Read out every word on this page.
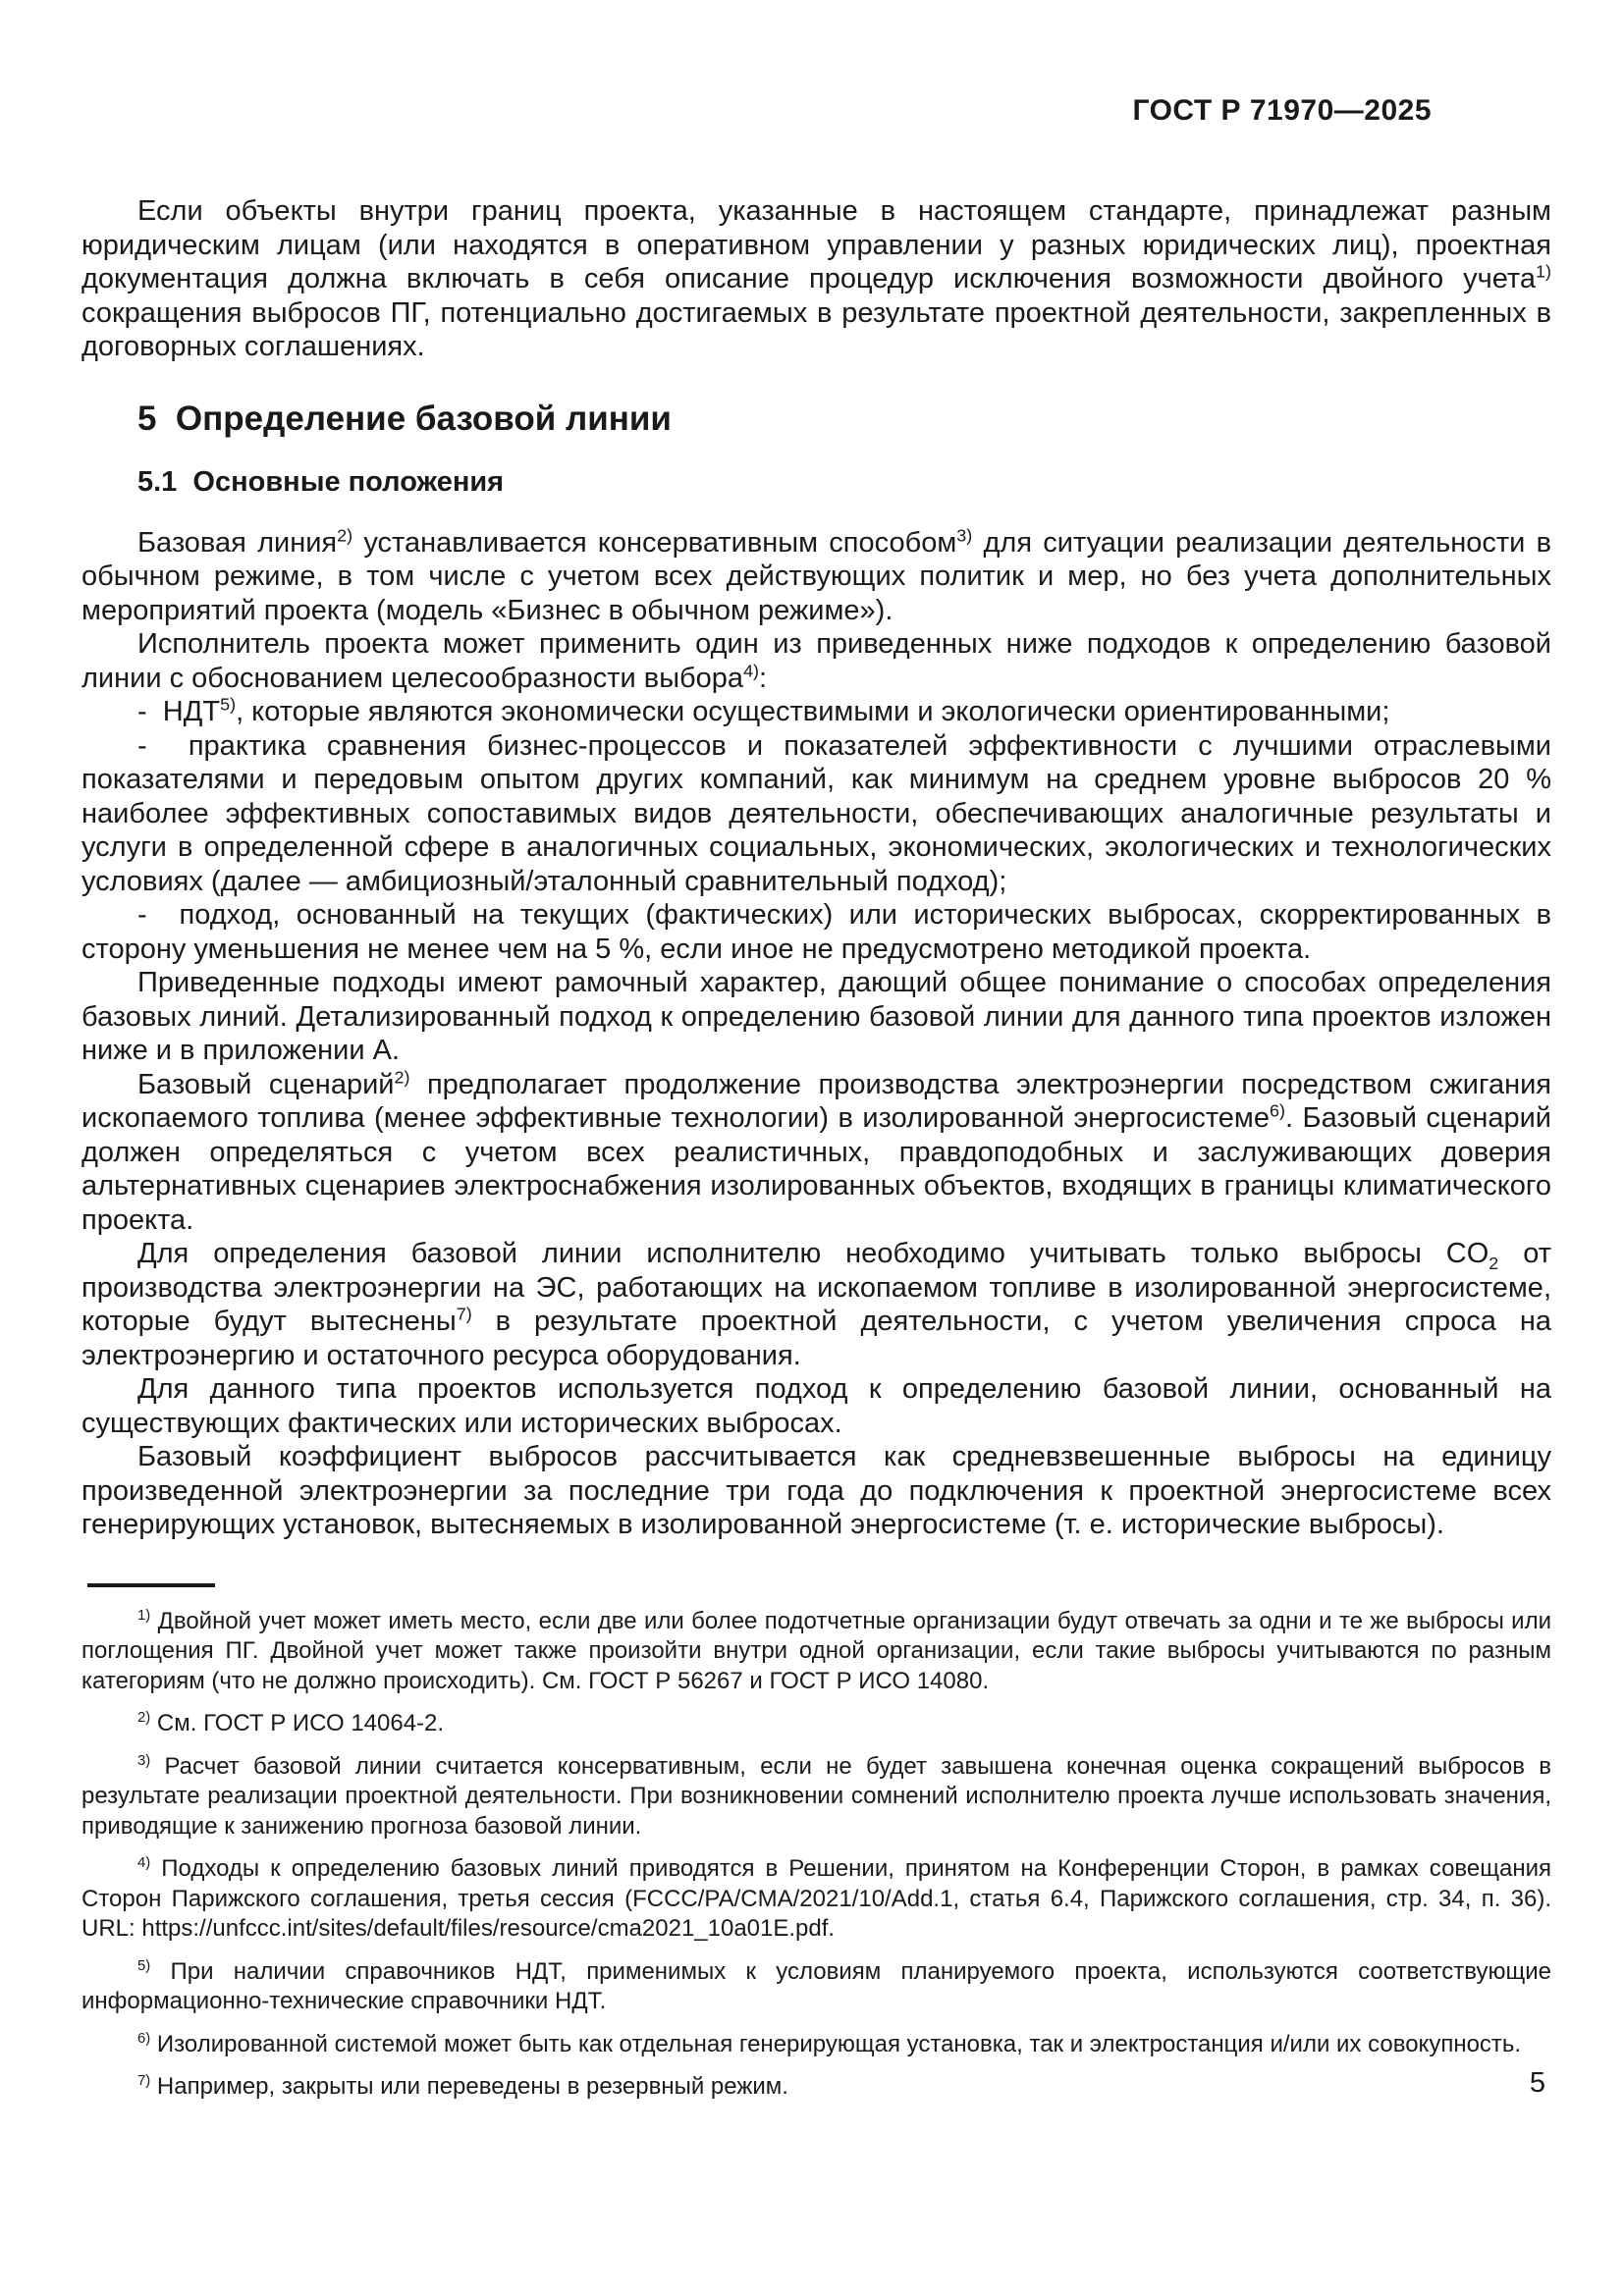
ГОСТ Р 71970—2025

Если объекты внутри границ проекта, указанные в настоящем стандарте, принадлежат разным юридическим лицам (или находятся в оперативном управлении у разных юридических лиц), проектная документация должна включать в себя описание процедур исключения возможности двойного учета$^{1)}$ сокращения выбросов ПГ, потенциально достигаемых в результате проектной деятельности, закрепленных в договорных соглашениях.

5  Определение базовой линии
5.1  Основные положения

Базовая линия$^{2)}$ устанавливается консервативным способом$^{3)}$ для ситуации реализации деятельности в обычном режиме, в том числе с учетом всех действующих политик и мер, но без учета дополнительных мероприятий проекта (модель «Бизнес в обычном режиме»).

Исполнитель проекта может применить один из приведенных ниже подходов к определению базовой линии с обоснованием целесообразности выбора$^{4)}$:

-  НДТ$^{5)}$, которые являются экономически осуществимыми и экологически ориентированными;

-  практика сравнения бизнес-процессов и показателей эффективности с лучшими отраслевыми показателями и передовым опытом других компаний, как минимум на среднем уровне выбросов 20 % наиболее эффективных сопоставимых видов деятельности, обеспечивающих аналогичные результаты и услуги в определенной сфере в аналогичных социальных, экономических, экологических и технологических условиях (далее — амбициозный/эталонный сравнительный подход);

-  подход, основанный на текущих (фактических) или исторических выбросах, скорректированных в сторону уменьшения не менее чем на 5 %, если иное не предусмотрено методикой проекта.

Приведенные подходы имеют рамочный характер, дающий общее понимание о способах определения базовых линий. Детализированный подход к определению базовой линии для данного типа проектов изложен ниже и в приложении А.

Базовый сценарий$^{2)}$ предполагает продолжение производства электроэнергии посредством сжигания ископаемого топлива (менее эффективные технологии) в изолированной энергосистеме$^{6)}$. Базовый сценарий должен определяться с учетом всех реалистичных, правдоподобных и заслуживающих доверия альтернативных сценариев электроснабжения изолированных объектов, входящих в границы климатического проекта.

Для определения базовой линии исполнителю необходимо учитывать только выбросы $CO_2$ от производства электроэнергии на ЭС, работающих на ископаемом топливе в изолированной энергосистеме, которые будут вытеснены$^{7)}$ в результате проектной деятельности, с учетом увеличения спроса на электроэнергию и остаточного ресурса оборудования.

Для данного типа проектов используется подход к определению базовой линии, основанный на существующих фактических или исторических выбросах.

Базовый коэффициент выбросов рассчитывается как средневзвешенные выбросы на единицу произведенной электроэнергии за последние три года до подключения к проектной энергосистеме всех генерирующих установок, вытесняемых в изолированной энергосистеме (т. е. исторические выбросы).

$^{1)}$ Двойной учет может иметь место, если две или более подотчетные организации будут отвечать за одни и те же выбросы или поглощения ПГ. Двойной учет может также произойти внутри одной организации, если такие выбросы учитываются по разным категориям (что не должно происходить). См. ГОСТ Р 56267 и ГОСТ Р ИСО 14080.

$^{2)}$ См. ГОСТ Р ИСО 14064-2.

$^{3)}$ Расчет базовой линии считается консервативным, если не будет завышена конечная оценка сокращений выбросов в результате реализации проектной деятельности. При возникновении сомнений исполнителю проекта лучше использовать значения, приводящие к занижению прогноза базовой линии.

$^{4)}$ Подходы к определению базовых линий приводятся в Решении, принятом на Конференции Сторон, в рамках совещания Сторон Парижского соглашения, третья сессия (FCCC/PA/CMA/2021/10/Add.1, статья 6.4, Парижского соглашения, стр. 34, п. 36). URL: https://unfccc.int/sites/default/files/resource/cma2021_10a01E.pdf.

$^{5)}$ При наличии справочников НДТ, применимых к условиям планируемого проекта, используются соответствующие информационно-технические справочники НДТ.

$^{6)}$ Изолированной системой может быть как отдельная генерирующая установка, так и электростанция и/или их совокупность.

$^{7)}$ Например, закрыты или переведены в резервный режим.	5
